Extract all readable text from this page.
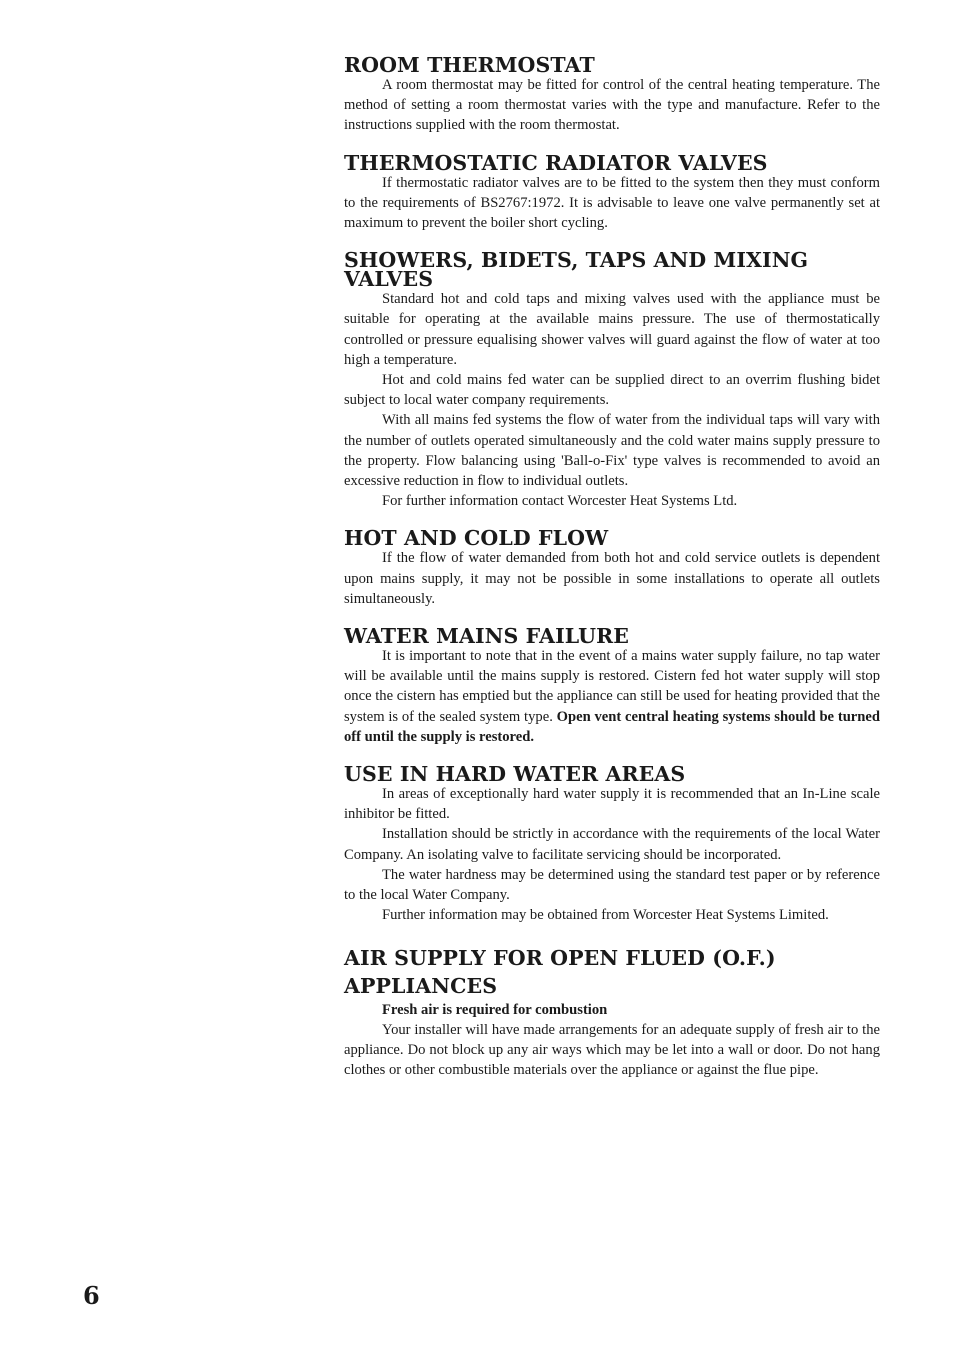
ROOM THERMOSTAT

A room thermostat may be fitted for control of the central heating temperature. The method of setting a room thermostat varies with the type and manufacture. Refer to the instructions supplied with the room thermostat.

THERMOSTATIC RADIATOR VALVES

If thermostatic radiator valves are to be fitted to the system then they must conform to the requirements of BS2767:1972. It is advisable to leave one valve permanently set at maximum to prevent the boiler short cycling.

SHOWERS, BIDETS, TAPS AND MIXING VALVES

Standard hot and cold taps and mixing valves used with the appliance must be suitable for operating at the available mains pressure. The use of thermostatically controlled or pressure equalising shower valves will guard against the flow of water at too high a temperature.

Hot and cold mains fed water can be supplied direct to an overrim flushing bidet subject to local water company requirements.

With all mains fed systems the flow of water from the individual taps will vary with the number of outlets operated simultaneously and the cold water mains supply pressure to the property. Flow balancing using 'Ball-o-Fix' type valves is recommended to avoid an excessive reduction in flow to individual outlets.

For further information contact Worcester Heat Systems Ltd.

HOT AND COLD FLOW

If the flow of water demanded from both hot and cold service outlets is dependent upon mains supply, it may not be possible in some installations to operate all outlets simultaneously.

WATER MAINS FAILURE

It is important to note that in the event of a mains water supply failure, no tap water will be available until the mains supply is restored. Cistern fed hot water supply will stop once the cistern has emptied but the appliance can still be used for heating provided that the system is of the sealed system type. Open vent central heating systems should be turned off until the supply is restored.

USE IN HARD WATER AREAS

In areas of exceptionally hard water supply it is recommended that an In-Line scale inhibitor be fitted.

Installation should be strictly in accordance with the requirements of the local Water Company. An isolating valve to facilitate servicing should be incorporated.

The water hardness may be determined using the standard test paper or by reference to the local Water Company.

Further information may be obtained from Worcester Heat Systems Limited.

AIR SUPPLY FOR OPEN FLUED (O.F.) APPLIANCES

Fresh air is required for combustion

Your installer will have made arrangements for an adequate supply of fresh air to the appliance. Do not block up any air ways which may be let into a wall or door. Do not hang clothes or other combustible materials over the appliance or against the flue pipe.

6
